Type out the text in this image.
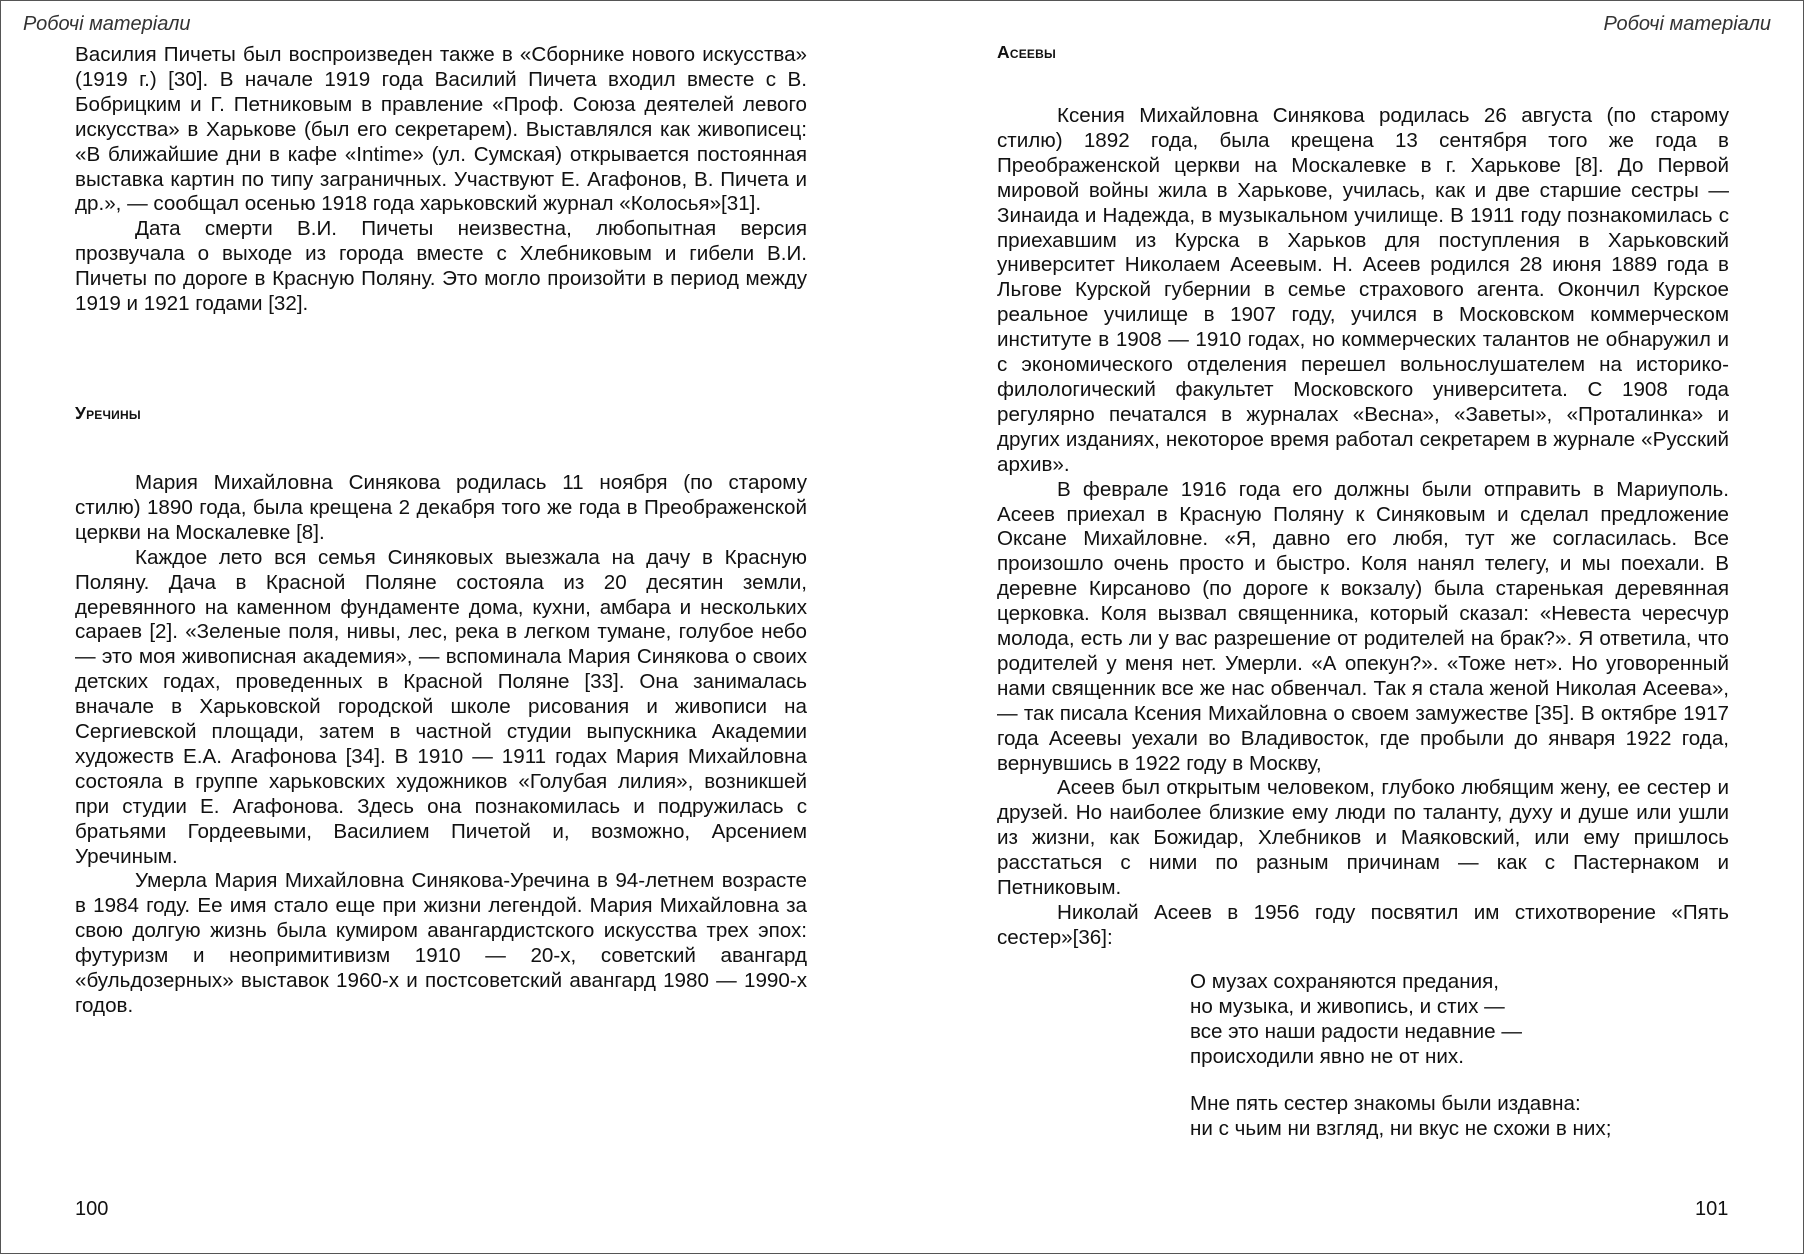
Робочі матеріали

Василия Пичеты был воспроизведен также в «Сборнике нового искусства» (1919 г.) [30]. В начале 1919 года Василий Пичета входил вместе с В. Бобрицким и Г. Петниковым в правление «Проф. Союза деятелей левого искусства» в Харькове (был его секретарем). Выставлялся как живописец: «В ближайшие дни в кафе «Intime» (ул. Сумская) открывается постоянная выставка картин по типу заграничных. Участвуют Е. Агафонов, В. Пичета и др.», — сообщал осенью 1918 года харьковский журнал «Колосья»[31].

Дата смерти В.И. Пичеты неизвестна, любопытная версия прозвучала о выходе из города вместе с Хлебниковым и гибели В.И. Пичеты по дороге в Красную Поляну. Это могло произойти в период между 1919 и 1921 годами [32].

Уречины

Мария Михайловна Синякова родилась 11 ноября (по старому стилю) 1890 года, была крещена 2 декабря того же года в Преображенской церкви на Москалевке [8].

Каждое лето вся семья Синяковых выезжала на дачу в Красную Поляну. Дача в Красной Поляне состояла из 20 десятин земли, деревянного на каменном фундаменте дома, кухни, амбара и нескольких сараев [2]. «Зеленые поля, нивы, лес, река в легком тумане, голубое небо — это моя живописная академия», — вспоминала Мария Синякова о своих детских годах, проведенных в Красной Поляне [33]. Она занималась вначале в Харьковской городской школе рисования и живописи на Сергиевской площади, затем в частной студии выпускника Академии художеств Е.А. Агафонова [34]. В 1910 — 1911 годах Мария Михайловна состояла в группе харьковских художников «Голубая лилия», возникшей при студии Е. Агафонова. Здесь она познакомилась и подружилась с братьями Гордеевыми, Василием Пичетой и, возможно, Арсением Уречиным.

Умерла Мария Михайловна Синякова-Уречина в 94-летнем возрасте в 1984 году. Ее имя стало еще при жизни легендой. Мария Михайловна за свою долгую жизнь была кумиром авангардистского искусства трех эпох: футуризм и неопримитивизм 1910 — 20-х, советский авангард «бульдозерных» выставок 1960-х и постсоветский авангард 1980 — 1990-х годов.

100
Робочі матеріали
Асеевы

Ксения Михайловна Синякова родилась 26 августа (по старому стилю) 1892 года, была крещена 13 сентября того же года в Преображенской церкви на Москалевке в г. Харькове [8]. До Первой мировой войны жила в Харькове, училась, как и две старшие сестры — Зинаида и Надежда, в музыкальном училище. В 1911 году познакомилась с приехавшим из Курска в Харьков для поступления в Харьковский университет Николаем Асеевым. Н. Асеев родился 28 июня 1889 года в Льгове Курской губернии в семье страхового агента. Окончил Курское реальное училище в 1907 году, учился в Московском коммерческом институте в 1908 — 1910 годах, но коммерческих талантов не обнаружил и с экономического отделения перешел вольнослушателем на историко-филологический факультет Московского университета. С 1908 года регулярно печатался в журналах «Весна», «Заветы», «Проталинка» и других изданиях, некоторое время работал секретарем в журнале «Русский архив».

В феврале 1916 года его должны были отправить в Мариуполь. Асеев приехал в Красную Поляну к Синяковым и сделал предложение Оксане Михайловне. «Я, давно его любя, тут же согласилась. Все произошло очень просто и быстро. Коля нанял телегу, и мы поехали. В деревне Кирсаново (по дороге к вокзалу) была старенькая деревянная церковка. Коля вызвал священника, который сказал: «Невеста чересчур молода, есть ли у вас разрешение от родителей на брак?». Я ответила, что родителей у меня нет. Умерли. «А опекун?». «Тоже нет». Но уговоренный нами священник все же нас обвенчал. Так я стала женой Николая Асеева», — так писала Ксения Михайловна о своем замужестве [35]. В октябре 1917 года Асеевы уехали во Владивосток, где пробыли до января 1922 года, вернувшись в 1922 году в Москву,

Асеев был открытым человеком, глубоко любящим жену, ее сестер и друзей. Но наиболее близкие ему люди по таланту, духу и душе или ушли из жизни, как Божидар, Хлебников и Маяковский, или ему пришлось расстаться с ними по разным причинам — как с Пастернаком и Петниковым.

Николай Асеев в 1956 году посвятил им стихотворение «Пять сестер»[36]:

О музах сохраняются предания,
но музыка, и живопись, и стих —
все это наши радости недавние —
происходили явно не от них.
Мне пять сестер знакомы были издавна:
ни с чьим ни взгляд, ни вкус не схожи в них;
101
